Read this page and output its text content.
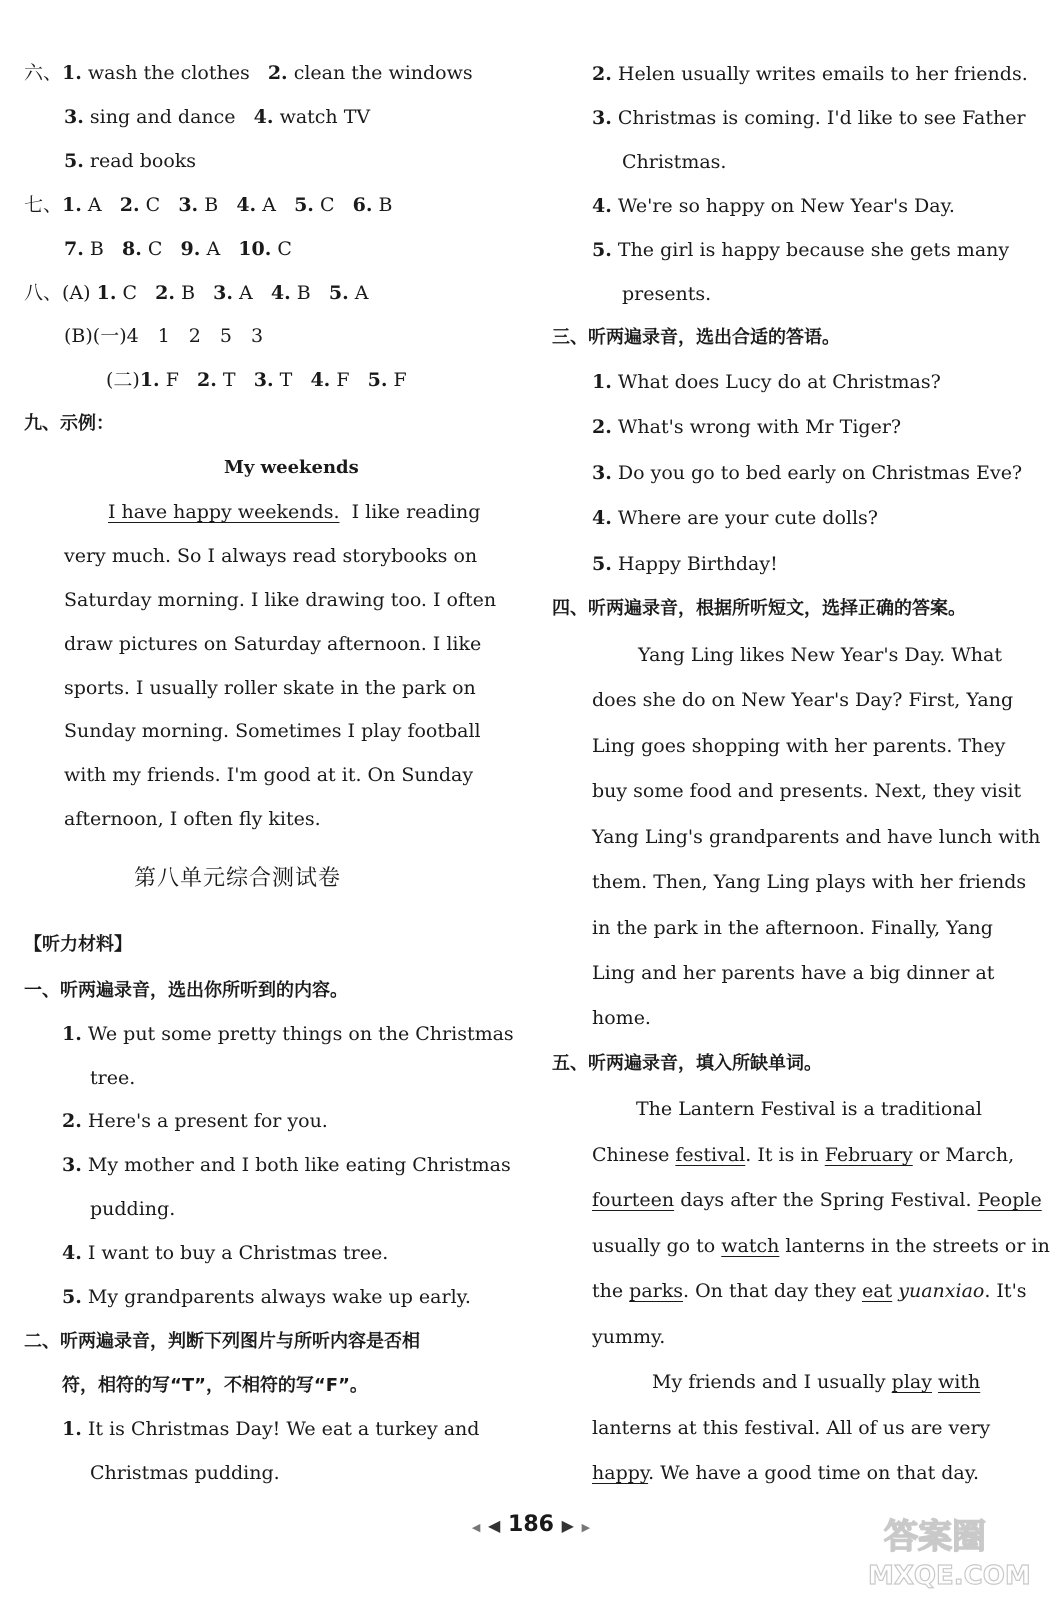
六、1. wash the clothes 2. clean the windows
3. sing and dance 4. watch TV
5. read books
七、1. A 2. C 3. B 4. A 5. C 6. B
7. B 8. C 9. A 10. C
八、(A) 1. C 2. B 3. A 4. B 5. A
(B)(一)4　1　2　5　3
(二)1. F 2. T 3. T 4. F 5. F
九、示例：
My weekends
I have happy weekends. I like reading
very much. So I always read storybooks on
Saturday morning. I like drawing too. I often
draw pictures on Saturday afternoon. I like
sports. I usually roller skate in the park on
Sunday morning. Sometimes I play football
with my friends. I'm good at it. On Sunday
afternoon, I often fly kites.
第八单元综合测试卷
【听力材料】
一、听两遍录音，选出你所听到的内容。
1. We put some pretty things on the Christmas
tree.
2. Here's a present for you.
3. My mother and I both like eating Christmas
pudding.
4. I want to buy a Christmas tree.
5. My grandparents always wake up early.
二、听两遍录音，判断下列图片与所听内容是否相
符，相符的写“T”，不相符的写“F”。
1. It is Christmas Day! We eat a turkey and
Christmas pudding.
2. Helen usually writes emails to her friends.
3. Christmas is coming. I'd like to see Father
Christmas.
4. We're so happy on New Year's Day.
5. The girl is happy because she gets many
presents.
三、听两遍录音，选出合适的答语。
1. What does Lucy do at Christmas?
2. What's wrong with Mr Tiger?
3. Do you go to bed early on Christmas Eve?
4. Where are your cute dolls?
5. Happy Birthday!
四、听两遍录音，根据所听短文，选择正确的答案。
Yang Ling likes New Year's Day. What
does she do on New Year's Day? First, Yang
Ling goes shopping with her parents. They
buy some food and presents. Next, they visit
Yang Ling's grandparents and have lunch with
them. Then, Yang Ling plays with her friends
in the park in the afternoon. Finally, Yang
Ling and her parents have a big dinner at
home.
五、听两遍录音，填入所缺单词。
The Lantern Festival is a traditional
Chinese festival. It is in February or March,
fourteen days after the Spring Festival. People
usually go to watch lanterns in the streets or in
the parks. On that day they eat yuanxiao. It's
yummy.
My friends and I usually play with
lanterns at this festival. All of us are very
happy. We have a good time on that day.
◀ ◀ 186 ▶ ▶	答案圈
MXQE.COM
